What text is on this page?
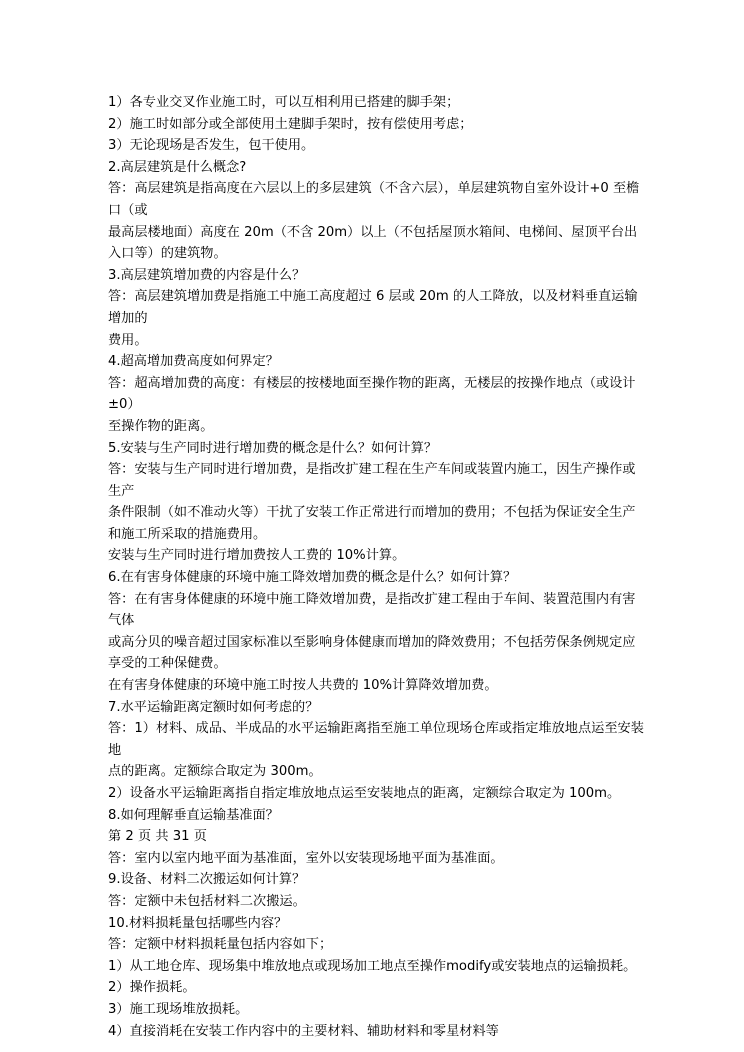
1）各专业交叉作业施工时，可以互相利用已搭建的脚手架；
2）施工时如部分或全部使用土建脚手架时，按有偿使用考虑；
3）无论现场是否发生，包干使用。
2.高层建筑是什么概念?
答：高层建筑是指高度在六层以上的多层建筑（不含六层），单层建筑物自室外设计+0 至檐口（或
最高层楼地面）高度在 20m（不含 20m）以上（不包括屋顶水箱间、电梯间、屋顶平台出入口等）的建筑物。
3.高层建筑增加费的内容是什么？
答：高层建筑增加费是指施工中施工高度超过 6 层或 20m 的人工降放，以及材料垂直运输增加的
费用。
4.超高增加费高度如何界定？
答：超高增加费的高度：有楼层的按楼地面至操作物的距离，无楼层的按操作地点（或设计±0）
至操作物的距离。
5.安装与生产同时进行增加费的概念是什么？如何计算？
答：安装与生产同时进行增加费，是指改扩建工程在生产车间或装置内施工，因生产操作或生产
条件限制（如不准动火等）干扰了安装工作正常进行而增加的费用；不包括为保证安全生产和施工所采取的措施费用。
安装与生产同时进行增加费按人工费的 10%计算。
6.在有害身体健康的环境中施工降效增加费的概念是什么？如何计算？
答：在有害身体健康的环境中施工降效增加费，是指改扩建工程由于车间、装置范围内有害气体
或高分贝的噪音超过国家标准以至影响身体健康而增加的降效费用；不包括劳保条例规定应享受的工种保健费。
在有害身体健康的环境中施工时按人共费的 10%计算降效增加费。
7.水平运输距离定额时如何考虑的？
答：1）材料、成品、半成品的水平运输距离指至施工单位现场仓库或指定堆放地点运至安装地
点的距离。定额综合取定为 300m。
2）设备水平运输距离指自指定堆放地点运至安装地点的距离，定额综合取定为 100m。
8.如何理解垂直运输基准面？
第 2 页 共 31 页
答：室内以室内地平面为基准面，室外以安装现场地平面为基准面。
9.设备、材料二次搬运如何计算？
答：定额中未包括材料二次搬运。
10.材料损耗量包括哪些内容？
答：定额中材料损耗量包括内容如下；
1）从工地仓库、现场集中堆放地点或现场加工地点至操作modify或安装地点的运输损耗。
2）操作损耗。
3）施工现场堆放损耗。
4）直接消耗在安装工作内容中的主要材料、辅助材料和零星材料等
